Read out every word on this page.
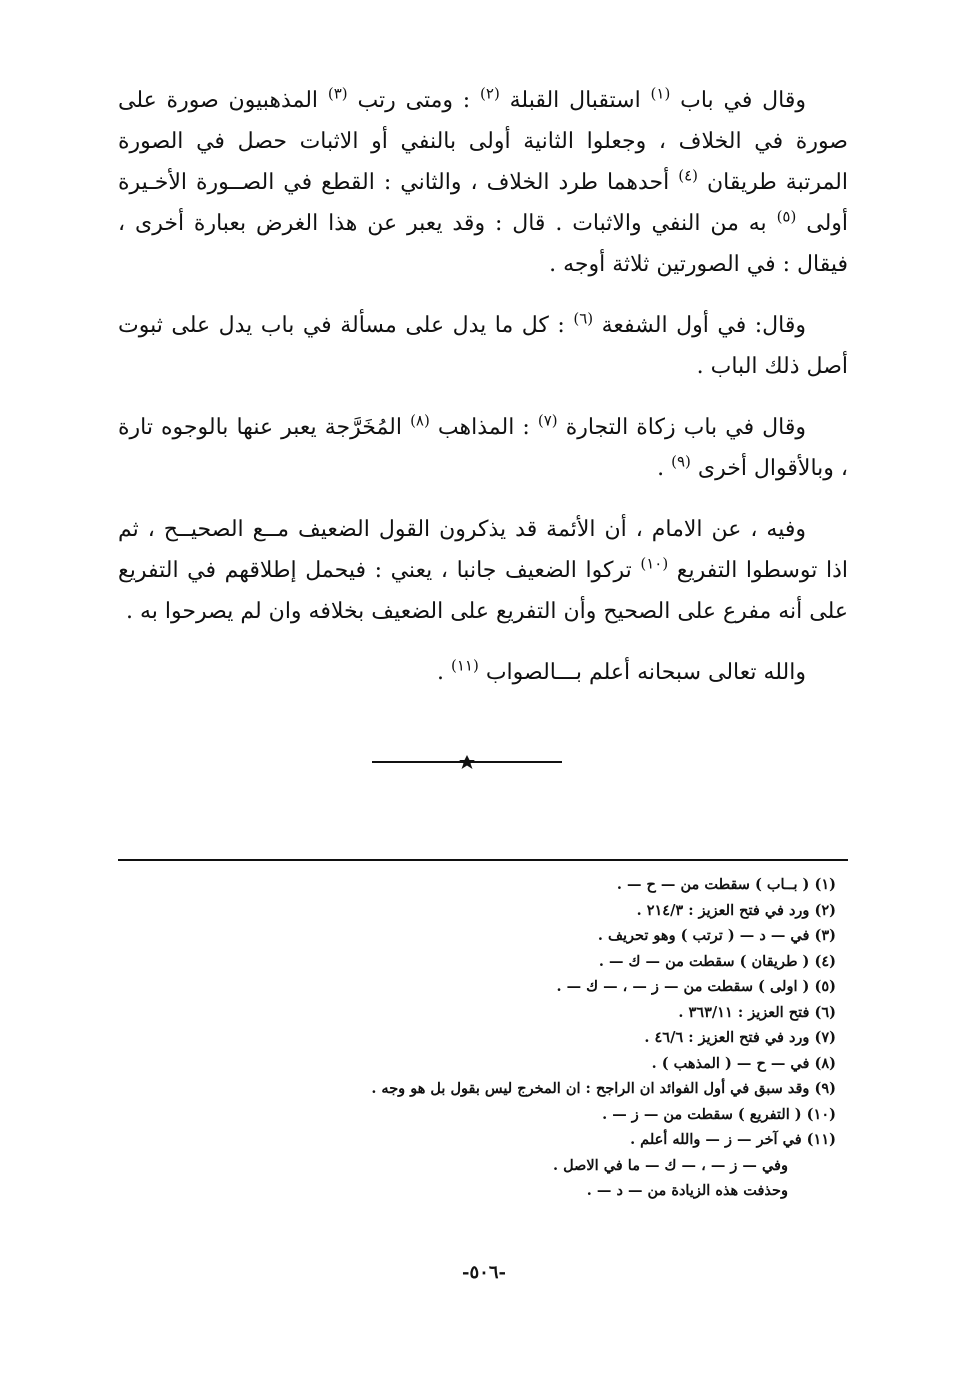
وقال في باب $^{(١)}$ استقبال القبلة $^{(٢)}$ : ومتى رتب $^{(٣)}$ المذهبيون صورة على صورة في الخلاف ، وجعلوا الثانية أولى بالنفي أو الاثبات حصل في الصورة المرتبة طريقان $^{(٤)}$ أحدهما طرد الخلاف ، والثاني : القطع في الصــورة الأخـيرة أولى $^{(٥)}$ به من النفي والاثبات . قال : وقد يعبر عن هذا الغرض بعبارة أخرى ، فيقال : في الصورتين ثلاثة أوجه .

وقال: في أول الشفعة $^{(٦)}$ : كل ما يدل على مسألة في باب يدل على ثبوت أصل ذلك الباب .

وقال في باب زكاة التجارة $^{(٧)}$ : المذاهب $^{(٨)}$ المُخَرَّجة يعبر عنها بالوجوه تارة ، وبالأقوال أخرى $^{(٩)}$ .

وفيه ، عن الامام ، أن الأئمة قد يذكرون القول الضعيف مــع الصحيــح ، ثم اذا توسطوا التفريع $^{(١٠)}$ تركوا الضعيف جانبا ، يعني : فيحمل إطلاقهم في التفريع على أنه مفرع على الصحيح وأن التفريع على الضعيف بخلافه وان لم يصرحوا به .

والله تعالى سبحانه أعلم بـــالصواب $^{(١١)}$ .

(١) ( بــاب ) سقطت من — ح — .
(٢) ورد في فتح العزيز : ٢١٤/٣ .
(٣) في — د — ( ترتب ) وهو تحريف .
(٤) ( طريقان ) سقطت من — ك — .
(٥) ( اولى ) سقطت من — ز — ، — ك — .
(٦) فتح العزيز : ٣٦٣/١١ .
(٧) ورد في فتح العزيز : ٤٦/٦ .
(٨) في — ح — ( المذهب ) .
(٩) وقد سبق في أول الفوائد ان الراجح : ان المخرج ليس بقول بل هو وجه .
(١٠) ( التفريع ) سقطت من — ز — .
(١١) في آخر — ز — والله أعلم .
وفي — ز — ، — ك — ما في الاصل .
وحذفت هذه الزيادة من — د — .
-٥٠٦-
